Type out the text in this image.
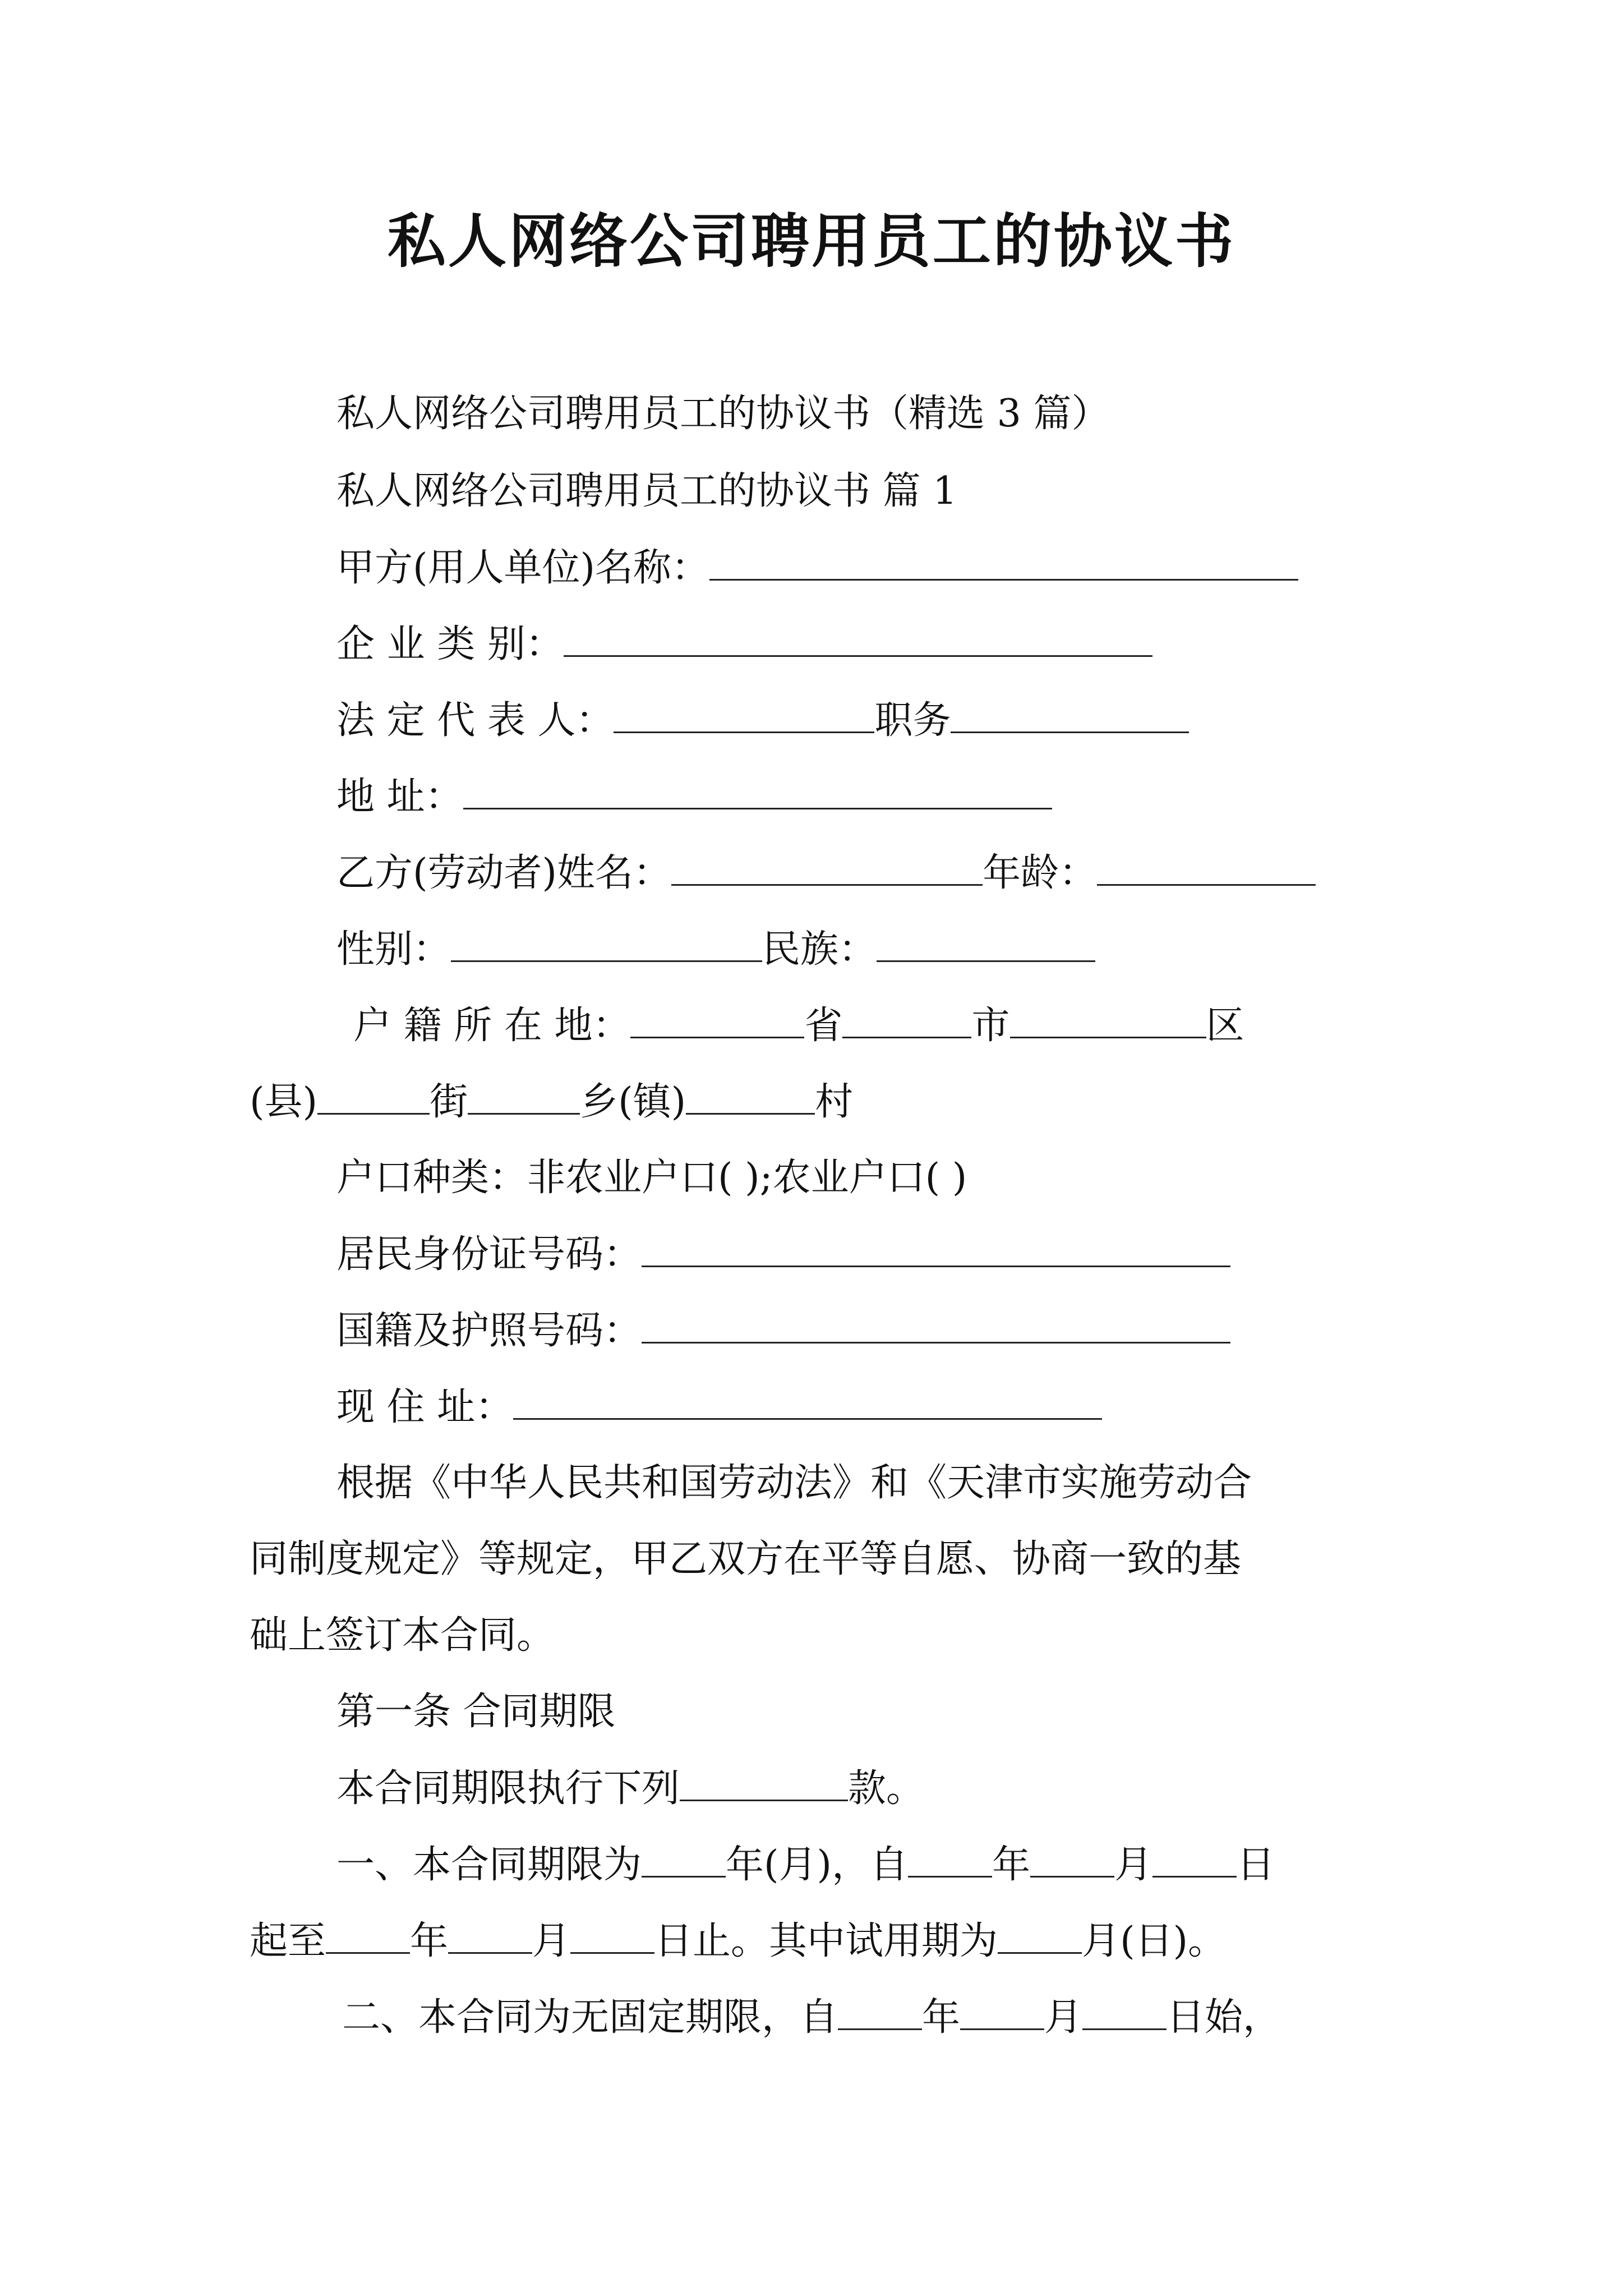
私人网络公司聘用员工的协议书

私人网络公司聘用员工的协议书（精选 3 篇）

私人网络公司聘用员工的协议书 篇 1

甲方(用人单位)名称：

企 业 类 别：

法 定 代 表 人：	职务

地 址：

乙方(劳动者)姓名：	年龄：

性别：	民族：

户 籍 所 在 地：	省	市	区

(县)	街	乡(镇)	村

户口种类：非农业户口( );农业户口( )

居民身份证号码：

国籍及护照号码：

现 住 址：

根据《中华人民共和国劳动法》和《天津市实施劳动合

同制度规定》等规定，甲乙双方在平等自愿、协商一致的基

础上签订本合同。

第一条 合同期限

本合同期限执行下列	款。

一、本合同期限为 年(月)，自 年 月 日

起至 年 月 日止。其中试用期为 月(日)。

二、本合同为无固定期限，自 年 月 日始，
